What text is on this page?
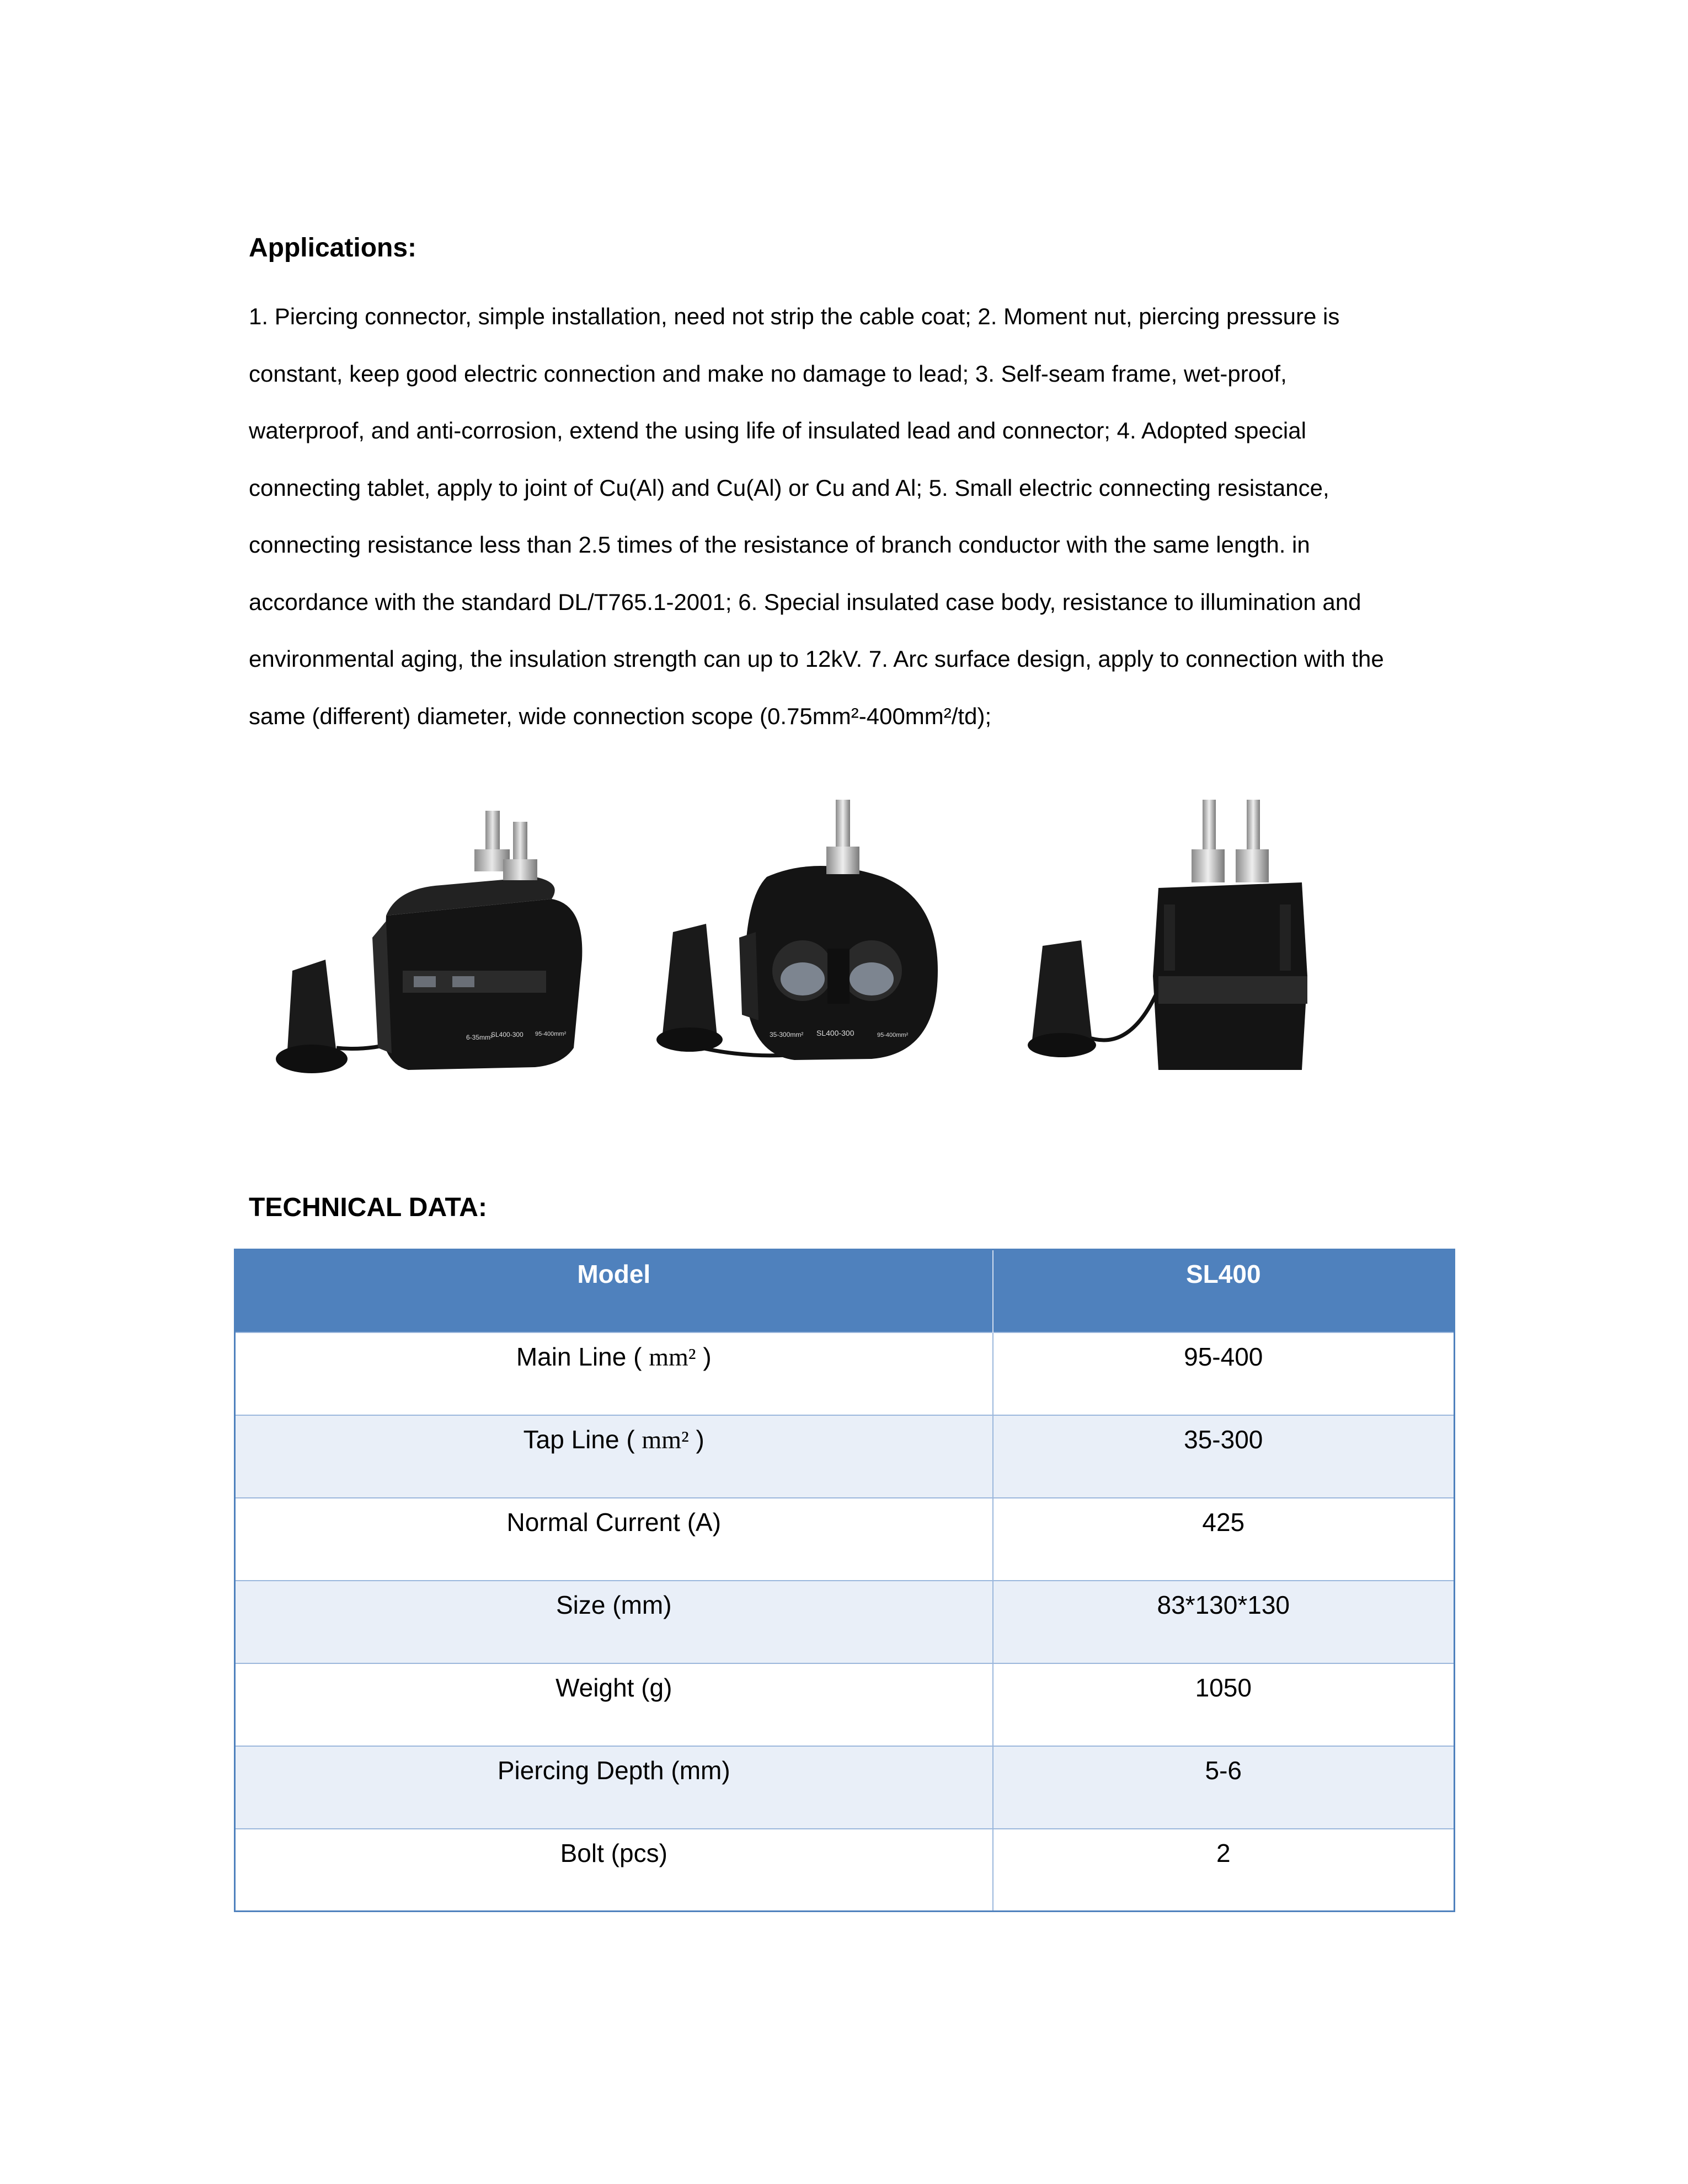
Applications:

1. Piercing connector, simple installation, need not strip the cable coat; 2. Moment nut, piercing pressure is
constant, keep good electric connection and make no damage to lead; 3. Self-seam frame, wet-proof,
waterproof, and anti-corrosion, extend the using life of insulated lead and connector; 4. Adopted special
connecting tablet, apply to joint of Cu(Al) and Cu(Al) or Cu and Al; 5. Small electric connecting resistance,
connecting resistance less than 2.5 times of the resistance of branch conductor with the same length. in
accordance with the standard DL/T765.1-2001; 6. Special insulated case body, resistance to illumination and
environmental aging, the insulation strength can up to 12kV. 7. Arc surface design, apply to connection with the
same (different) diameter, wide connection scope (0.75mm²-400mm²/td);

6-35mm²
SL400-300 95-400mm²	35-300mm² SL400-300	95-400mm²
TECHNICAL DATA:
Model	SL400
Main Line ( mm² )	95-400
Tap Line ( mm² )	35-300
Normal Current (A)	425
Size (mm)	83*130*130
Weight (g)	1050
Piercing Depth (mm)	5-6
Bolt (pcs)	2
